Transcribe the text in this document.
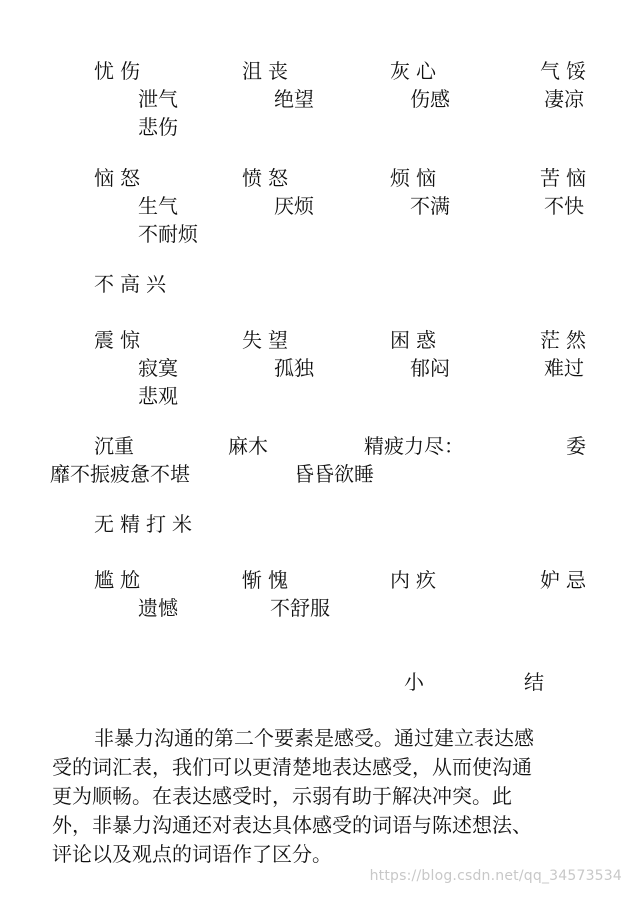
忧伤	沮丧	灰心	气馁
泄气	绝望	伤感	凄凉
悲伤
恼怒	愤怒	烦恼	苦恼
生气	厌烦	不满	不快
不耐烦
不高兴
震惊	失望	困惑	茫然
寂寞	孤独	郁闷	难过
悲观
沉重	麻木	精疲力尽：	委
靡不振疲惫不堪	昏昏欲睡
无精打米
尴尬	惭愧	内疚	妒忌
遗憾	不舒服
小	结
非暴力沟通的第二个要素是感受。通过建立表达感
受的词汇表，我们可以更清楚地表达感受，从而使沟通
更为顺畅。在表达感受时，示弱有助于解决冲突。此
外，非暴力沟通还对表达具体感受的词语与陈述想法、
评论以及观点的词语作了区分。
https://blog.csdn.net/qq_34573534
